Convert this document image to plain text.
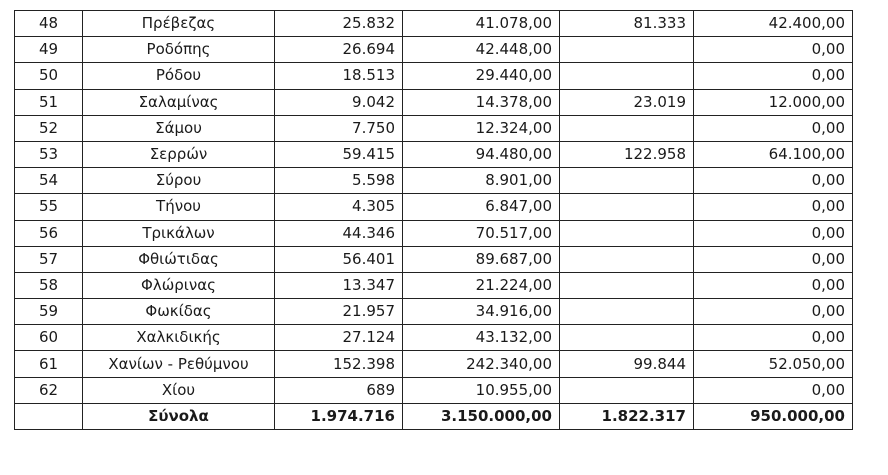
48	Πρέβεζας	25.832	41.078,00	81.333	42.400,00
49	Ροδόπης	26.694	42.448,00		0,00
50	Ρόδου	18.513	29.440,00		0,00
51	Σαλαμίνας	9.042	14.378,00	23.019	12.000,00
52	Σάμου	7.750	12.324,00		0,00
53	Σερρών	59.415	94.480,00	122.958	64.100,00
54	Σύρου	5.598	8.901,00		0,00
55	Τήνου	4.305	6.847,00		0,00
56	Τρικάλων	44.346	70.517,00		0,00
57	Φθιώτιδας	56.401	89.687,00		0,00
58	Φλώρινας	13.347	21.224,00		0,00
59	Φωκίδας	21.957	34.916,00		0,00
60	Χαλκιδικής	27.124	43.132,00		0,00
61	Χανίων - Ρεθύμνου	152.398	242.340,00	99.844	52.050,00
62	Χίου	689	10.955,00		0,00
	Σύνολα	1.974.716	3.150.000,00	1.822.317	950.000,00
